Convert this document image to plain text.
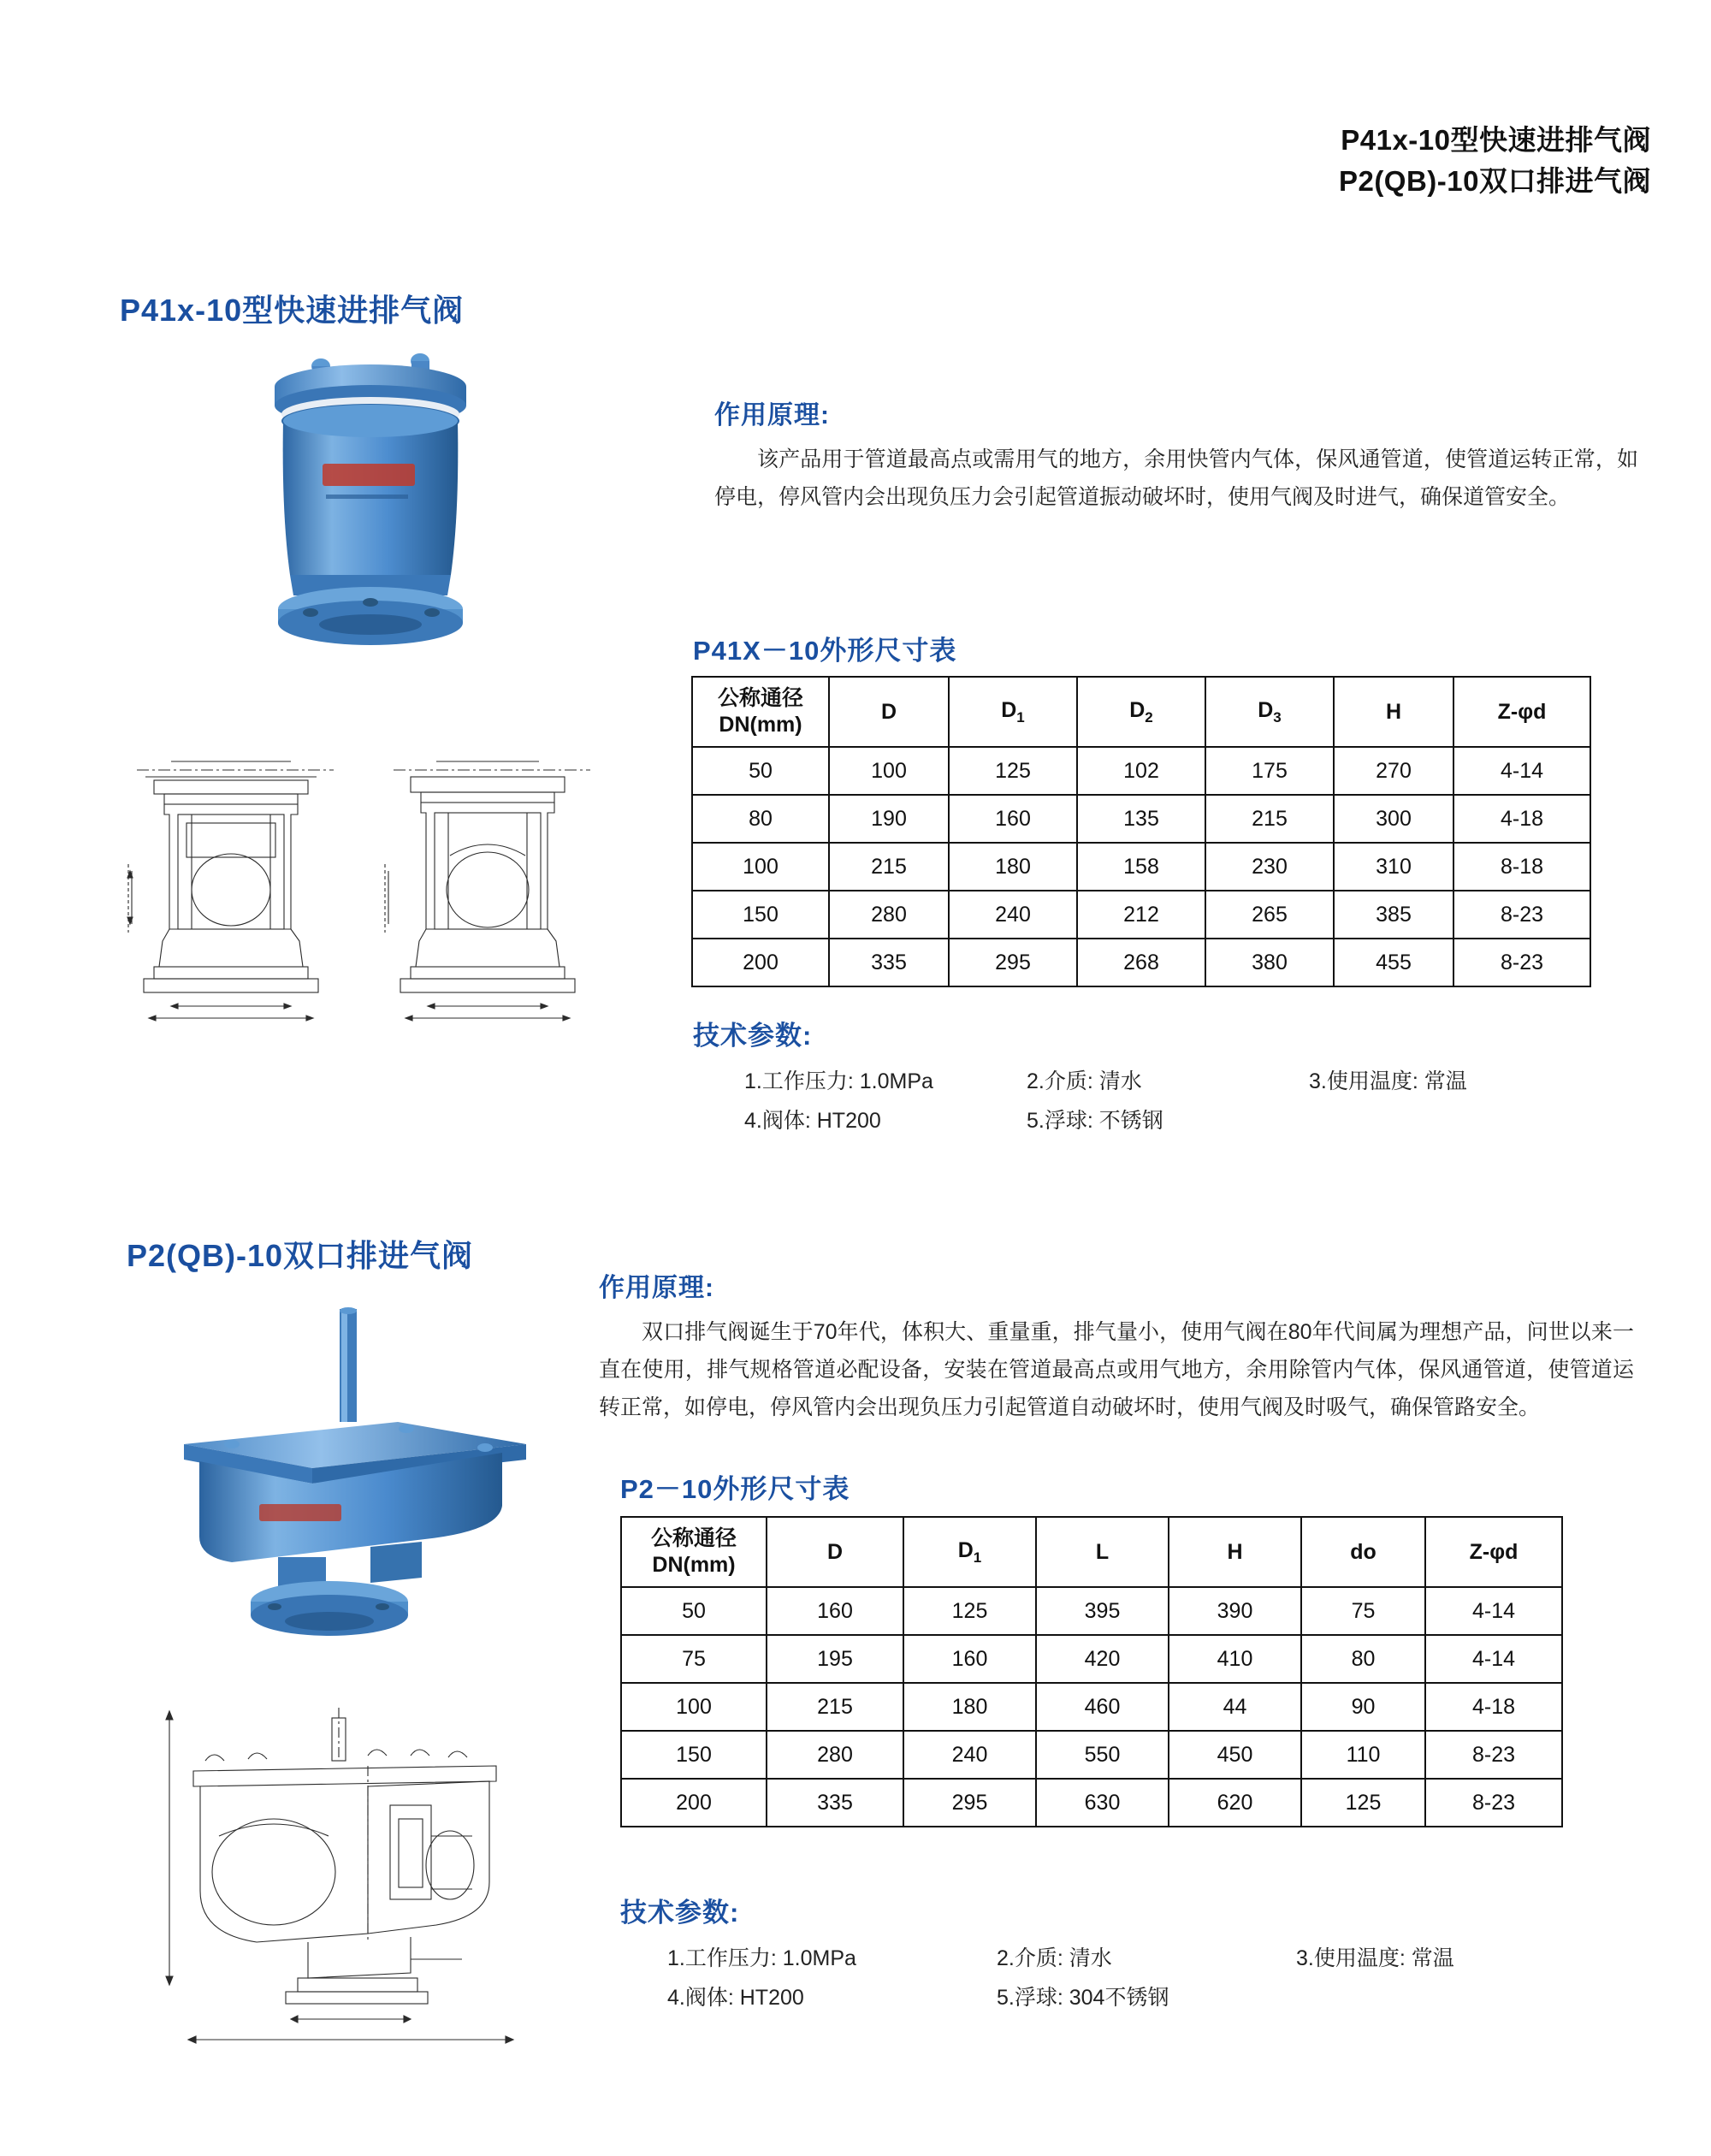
P41x-10型快速进排气阀
P2(QB)-10双口排进气阀
P41x-10型快速进排气阀
作用原理:
该产品用于管道最高点或需用气的地方，余用快管内气体，保风通管道，使管道运转正常，如停电，停风管内会出现负压力会引起管道振动破坏时，使用气阀及时进气，确保道管安全。
P41X－10外形尺寸表
公称通径
DN(mm)	D	$D_1$	$D_2$	$D_3$	H	Z-φd
50	100	125	102	175	270	4-14
80	190	160	135	215	300	4-18
100	215	180	158	230	310	8-18
150	280	240	212	265	385	8-23
200	335	295	268	380	455	8-23
技术参数:
1.工作压力: 1.0MPa	2.介质: 清水	3.使用温度: 常温
4.阀体: HT200	5.浮球: 不锈钢
P2(QB)-10双口排进气阀
作用原理:
双口排气阀诞生于70年代，体积大、重量重，排气量小，使用气阀在80年代间属为理想产品，问世以来一直在使用，排气规格管道必配设备，安装在管道最高点或用气地方，余用除管内气体，保风通管道，使管道运转正常，如停电，停风管内会出现负压力引起管道自动破坏时，使用气阀及时吸气，确保管路安全。
P2－10外形尺寸表
公称通径
DN(mm)	D	$D_1$	L	H	do	Z-φd
50	160	125	395	390	75	4-14
75	195	160	420	410	80	4-14
100	215	180	460	44	90	4-18
150	280	240	550	450	110	8-23
200	335	295	630	620	125	8-23
技术参数:
1.工作压力: 1.0MPa	2.介质: 清水	3.使用温度: 常温
4.阀体: HT200	5.浮球: 304不锈钢
